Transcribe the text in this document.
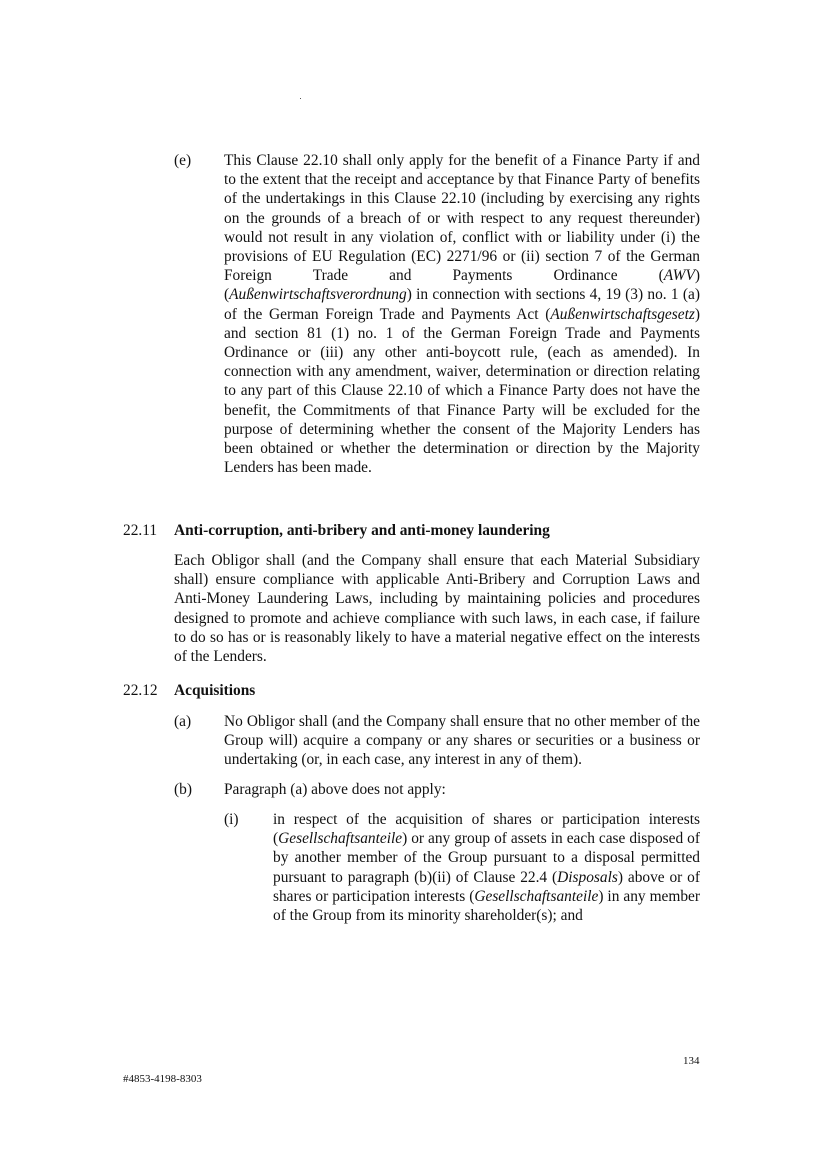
(e) This Clause 22.10 shall only apply for the benefit of a Finance Party if and to the extent that the receipt and acceptance by that Finance Party of benefits of the undertakings in this Clause 22.10 (including by exercising any rights on the grounds of a breach of or with respect to any request thereunder) would not result in any violation of, conflict with or liability under (i) the provisions of EU Regulation (EC) 2271/96 or (ii) section 7 of the German Foreign Trade and Payments Ordinance (AWV) (Außenwirtschaftsverordnung) in connection with sections 4, 19 (3) no. 1 (a) of the German Foreign Trade and Payments Act (Außenwirtschaftsgesetz) and section 81 (1) no. 1 of the German Foreign Trade and Payments Ordinance or (iii) any other anti-boycott rule, (each as amended). In connection with any amendment, waiver, determination or direction relating to any part of this Clause 22.10 of which a Finance Party does not have the benefit, the Commitments of that Finance Party will be excluded for the purpose of determining whether the consent of the Majority Lenders has been obtained or whether the determination or direction by the Majority Lenders has been made.

22.11 Anti-corruption, anti-bribery and anti-money laundering

Each Obligor shall (and the Company shall ensure that each Material Subsidiary shall) ensure compliance with applicable Anti-Bribery and Corruption Laws and Anti-Money Laundering Laws, including by maintaining policies and procedures designed to promote and achieve compliance with such laws, in each case, if failure to do so has or is reasonably likely to have a material negative effect on the interests of the Lenders.

22.12 Acquisitions

(a) No Obligor shall (and the Company shall ensure that no other member of the Group will) acquire a company or any shares or securities or a business or undertaking (or, in each case, any interest in any of them).

(b) Paragraph (a) above does not apply:

(i) in respect of the acquisition of shares or participation interests (Gesellschaftsanteile) or any group of assets in each case disposed of by another member of the Group pursuant to a disposal permitted pursuant to paragraph (b)(ii) of Clause 22.4 (Disposals) above or of shares or participation interests (Gesellschaftsanteile) in any member of the Group from its minority shareholder(s); and

134
#4853-4198-8303
